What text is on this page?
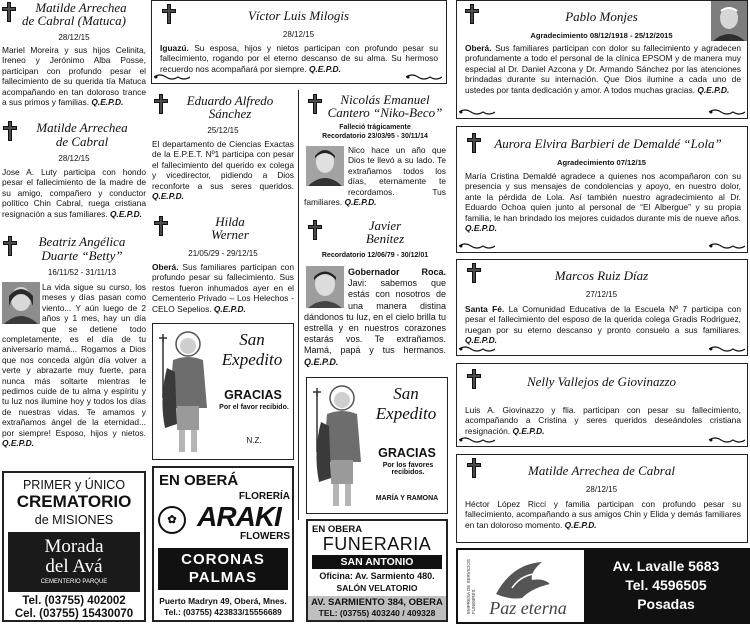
Matilde Arrechea
de Cabral (Matuca)
28/12/15
Mariel Moreira y sus hijos Celinita, Ireneo y Jerónimo Alba Posse, participan con profundo pesar el fallecimiento de su querida tía Matuca acompañando en tan doloroso trance a sus primos y familias. Q.E.P.D.
Matilde Arrechea
de Cabral
28/12/15
Jose A. Luty participa con hondo pesar el fallecimiento de la madre de su amigo, compañero y conductor político Chin Cabral, ruega cristiana resignación a sus familiares. Q.E.P.D.
Beatriz Angélica
Duarte “Betty”
16/11/52 - 31/11/13
La vida sigue su curso, los meses y días pasan como viento... Y aún luego de 2 años y 1 mes, hay un día que se detiene todo completamente, es el día de tu aniversario mamá... Rogamos a Dios que nos conceda algún día volver a verte y abrazarte muy fuerte, para nunca más soltarte mientras le pedimos cuide de tu alma y espíritu y tu luz nos ilumine hoy y todos los días de nuestras vidas. Te amamos y extrañamos ángel de la eternidad... por siempre! Esposo, hijos y nietos. Q.E.P.D.
PRIMER y ÚNICO
CREMATORIO
de MISIONES
Morada
del Avá
CEMENTERIO PARQUE
Tel. (03755) 402002
Cel. (03755) 15430070
Víctor Luis Milogis
28/12/15
Iguazú. Su esposa, hijos y nietos participan con profundo pesar su fallecimiento, rogando por el eterno descanso de su alma. Su hermoso recuerdo nos acompañará por siempre. Q.E.P.D.
Eduardo Alfredo
Sánchez
25/12/15
El departamento de Ciencias Exactas de la E.P.E.T. Nº1 participa con pesar el fallecimiento del querido ex colega y vicedirector, pidiendo a Dios reconforte a sus seres queridos. Q.E.P.D.
Hilda
Werner
21/05/29 - 29/12/15
Oberá. Sus familiares participan con profundo pesar su fallecimiento. Sus restos fueron inhumados ayer en el Cementerio Privado – Los Helechos - CELO Sepelios. Q.E.P.D.
San
Expedito
GRACIAS
Por el favor recibido.
N.Z.
Nicolás Emanuel
Cantero “Niko-Beco”
Falleció trágicamente
Recordatorio 23/03/95 - 30/11/14
Nico hace un año que Dios te llevó a su lado. Te extrañamos todos los días, eternamente te recordamos. Tus familiares. Q.E.P.D.
Javier
Benitez
Recordatorio 12/06/79 - 30/12/01
Gobernador Roca. Javi: sabemos que estás con nosotros de una manera distina dándonos tu luz, en el cielo brilla tu estrella y en nuestros corazones estarás vos. Te extrañamos. Mamá, papá y tus hermanos. Q.E.P.D.
San
Expedito
GRACIAS
Por los favores recibidos.
MARÍA Y RAMONA
EN OBERÁ
FLORERÍA
✿ ARAKI
FLOWERS
CORONAS
PALMAS
Puerto Madryn 49, Oberá, Mnes.
Tel.: (03755) 423833/15556689
EN OBERA
FUNERARIA
SAN ANTONIO
Oficina: Av. Sarmiento 480.
SALÓN VELATORIO
AV. SARMIENTO 384, OBERA
TEL: (03755) 403240 / 409328
Pablo Monjes
Agradecimiento 08/12/1918 - 25/12/2015
Oberá. Sus familiares participan con dolor su fallecimiento y agradecen profundamente a todo el personal de la clínica EPSOM y de manera muy especial al Dr. Daniel Azcona y Dr. Armando Sánchez por las atenciones brindadas durante su internación. Que Dios ilumine a cada uno de ustedes por tanta dedicación y amor. A todos muchas gracias. Q.E.P.D.
Aurora Elvira Barbieri de Demaldé “Lola”
Agradecimiento 07/12/15
María Cristina Demaldé agradece a quienes nos acompañaron con su presencia y sus mensajes de condolencias y apoyo, en nuestro dolor, ante la pérdida de Lola. Así también nuestro agradecimiento al Dr. Eduardo Ochoa quien junto al personal de “El Albergue” y su propia familia, le han brindado los mejores cuidados durante mis de nueve años. Q.E.P.D.
Marcos Ruiz Díaz
27/12/15
Santa Fé. La Comunidad Educativa de la Escuela Nº 7 participa con pesar el fallecimiento del esposo de la querida colega Gradis Rodriguez, ruegan por su eterno descanso y pronto consuelo a sus familiares. Q.E.P.D.
Nelly Vallejos de Giovinazzo
Luis A. Giovinazzo y flia. participan con pesar su fallecimiento, acompañando a Cristina y seres queridos deseándoles cristiana resignación. Q.E.P.D.
Matilde Arrechea de Cabral
28/12/15
Héctor López Ricci y familia participan con profundo pesar su fallecimiento, acompañando a sus amigos Chin y Elida y demás familiares en tan doloroso momento. Q.E.P.D.
EMPRESA DE SERVICIOS FUNEBRES Paz eterna
Av. Lavalle 5683
Tel. 4596505
Posadas
